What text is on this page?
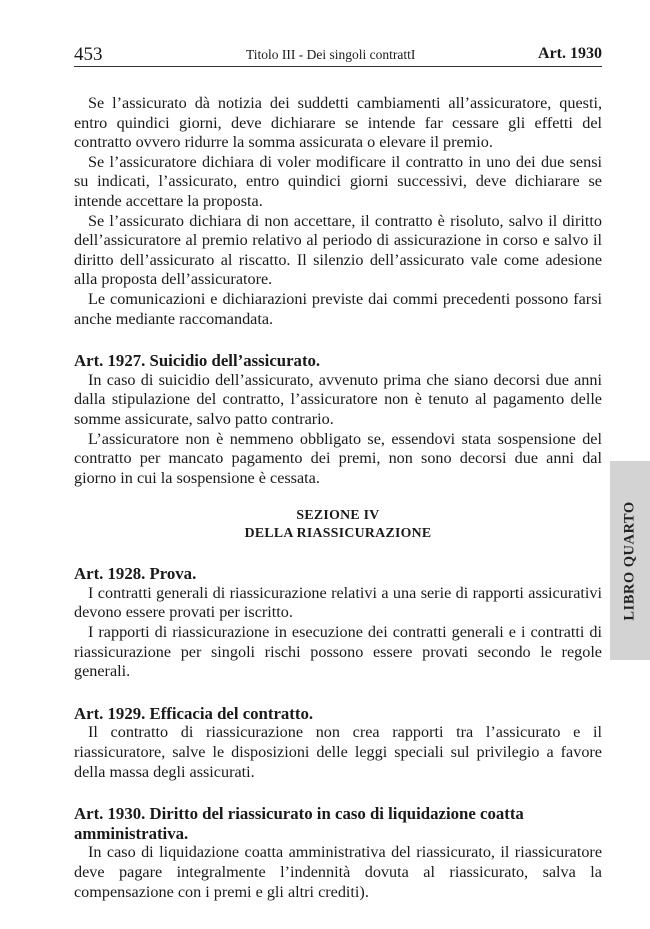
453	Titolo III - Dei singoli contrattI	Art. 1930

Se l’assicurato dà notizia dei suddetti cambiamenti all’assicuratore, questi, entro quindici giorni, deve dichiarare se intende far cessare gli effetti del contratto ovvero ridurre la somma assicurata o elevare il premio.

Se l’assicuratore dichiara di voler modificare il contratto in uno dei due sensi su indicati, l’assicurato, entro quindici giorni successivi, deve dichiarare se intende accettare la proposta.

Se l’assicurato dichiara di non accettare, il contratto è risoluto, salvo il diritto dell’assicuratore al premio relativo al periodo di assicurazione in corso e salvo il diritto dell’assicurato al riscatto. Il silenzio dell’assicurato vale come adesione alla proposta dell’assicuratore.

Le comunicazioni e dichiarazioni previste dai commi precedenti possono farsi anche mediante raccomandata.

Art. 1927. Suicidio dell’assicurato.

In caso di suicidio dell’assicurato, avvenuto prima che siano decorsi due anni dalla stipulazione del contratto, l’assicuratore non è tenuto al pagamento delle somme assicurate, salvo patto contrario.

L’assicuratore non è nemmeno obbligato se, essendovi stata sospensione del contratto per mancato pagamento dei premi, non sono decorsi due anni dal giorno in cui la sospensione è cessata.

SEZIONE IV
DELLA RIASSICURAZIONE
Art. 1928. Prova.

I contratti generali di riassicurazione relativi a una serie di rapporti assicurativi devono essere provati per iscritto.

I rapporti di riassicurazione in esecuzione dei contratti generali e i contratti di riassicurazione per singoli rischi possono essere provati secondo le regole generali.

Art. 1929. Efficacia del contratto.

Il contratto di riassicurazione non crea rapporti tra l’assicurato e il riassicuratore, salve le disposizioni delle leggi speciali sul privilegio a favore della massa degli assicurati.

Art. 1930. Diritto del riassicurato in caso di liquidazione coatta amministrativa.

In caso di liquidazione coatta amministrativa del riassicurato, il riassicuratore deve pagare integralmente l’indennità dovuta al riassicurato, salva la compensazione con i premi e gli altri crediti).

LIBRO QUARTO
